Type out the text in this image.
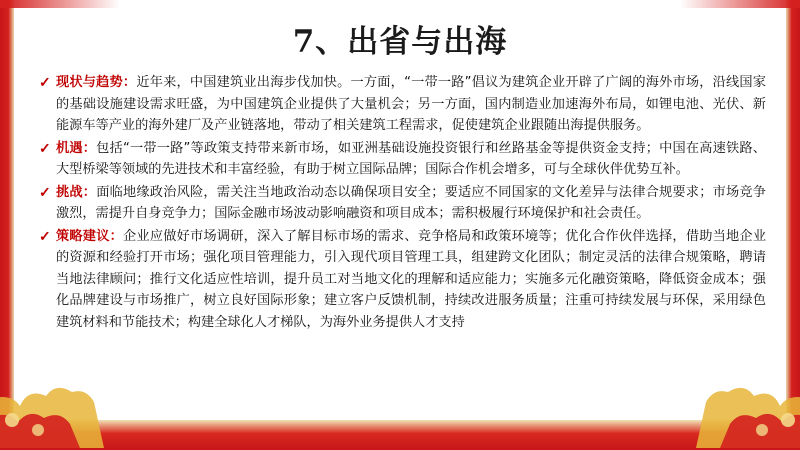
7、出省与出海
✓ 现状与趋势：近年来，中国建筑业出海步伐加快。一方面，“一带一路”倡议为建筑企业开辟了广阔的海外市场，沿线国家的基础设施建设需求旺盛，为中国建筑企业提供了大量机会；另一方面，国内制造业加速海外布局，如锂电池、光伏、新能源车等产业的海外建厂及产业链落地，带动了相关建筑工程需求，促使建筑企业跟随出海提供服务。
✓ 机遇：包括“一带一路”等政策支持带来新市场，如亚洲基础设施投资银行和丝路基金等提供资金支持；中国在高速铁路、大型桥梁等领域的先进技术和丰富经验，有助于树立国际品牌；国际合作机会增多，可与全球伙伴优势互补。
✓ 挑战：面临地缘政治风险，需关注当地政治动态以确保项目安全；要适应不同国家的文化差异与法律合规要求；市场竞争激烈，需提升自身竞争力；国际金融市场波动影响融资和项目成本；需积极履行环境保护和社会责任。
✓ 策略建议：企业应做好市场调研，深入了解目标市场的需求、竞争格局和政策环境等；优化合作伙伴选择，借助当地企业的资源和经验打开市场；强化项目管理能力，引入现代项目管理工具，组建跨文化团队；制定灵活的法律合规策略，聘请当地法律顾问；推行文化适应性培训，提升员工对当地文化的理解和适应能力；实施多元化融资策略，降低资金成本；强化品牌建设与市场推广，树立良好国际形象；建立客户反馈机制，持续改进服务质量；注重可持续发展与环保，采用绿色建筑材料和节能技术；构建全球化人才梯队，为海外业务提供人才支持
